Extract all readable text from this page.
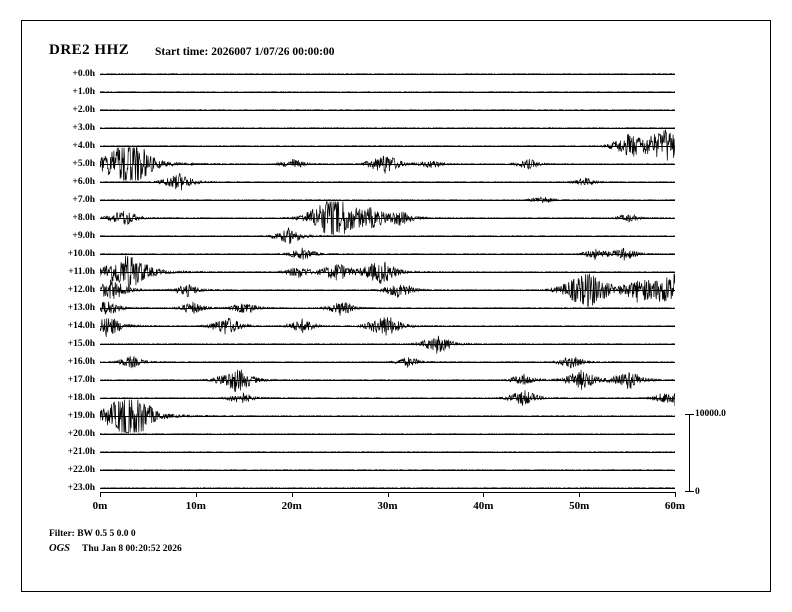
DRE2 HHZ Start time: 2026007 1/07/26 00:00:00
+0.0h
+1.0h
+2.0h
+3.0h
+4.0h
+5.0h
+6.0h
+7.0h
+8.0h
+9.0h
+10.0h
+11.0h
+12.0h
+13.0h
+14.0h
+15.0h
+16.0h
+17.0h
+18.0h
+19.0h
+20.0h
+21.0h
+22.0h
+23.0h
10000.0
0
Filter: BW 0.5 5 0.0 0
OGS Thu Jan 8 00:20:52 2026
0m	10m	20m	30m	40m	50m	60m
